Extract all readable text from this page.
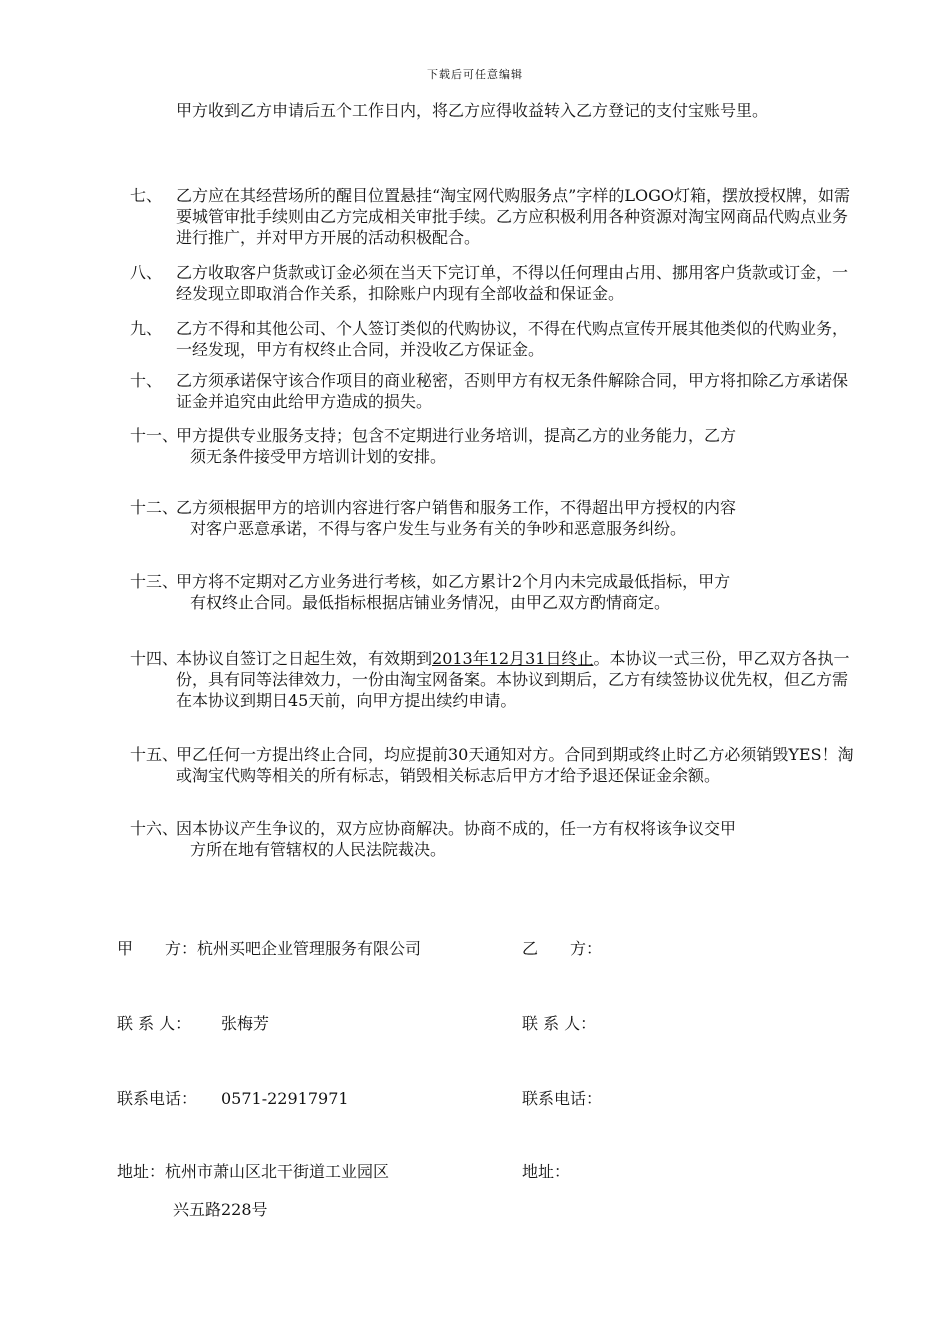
下载后可任意编辑
甲方收到乙方申请后五个工作日内，将乙方应得收益转入乙方登记的支付宝账号里。
七、 乙方应在其经营场所的醒目位置悬挂“淘宝网代购服务点”字样的LOGO灯箱，摆放授权牌，如需要城管审批手续则由乙方完成相关审批手续。乙方应积极利用各种资源对淘宝网商品代购点业务进行推广，并对甲方开展的活动积极配合。
八、 乙方收取客户货款或订金必须在当天下完订单，不得以任何理由占用、挪用客户货款或订金，一经发现立即取消合作关系，扣除账户内现有全部收益和保证金。
九、 乙方不得和其他公司、个人签订类似的代购协议，不得在代购点宣传开展其他类似的代购业务，一经发现，甲方有权终止合同，并没收乙方保证金。
十、 乙方须承诺保守该合作项目的商业秘密，否则甲方有权无条件解除合同，甲方将扣除乙方承诺保证金并追究由此给甲方造成的损失。
十一、

甲方提供专业服务支持；包含不定期进行业务培训，提高乙方的业务能力，乙方

须无条件接受甲方培训计划的安排。
十二、

乙方须根据甲方的培训内容进行客户销售和服务工作，不得超出甲方授权的内容

对客户恶意承诺，不得与客户发生与业务有关的争吵和恶意服务纠纷。
十三、

甲方将不定期对乙方业务进行考核，如乙方累计2个月内未完成最低指标，甲方

有权终止合同。最低指标根据店铺业务情况，由甲乙双方酌情商定。
十四、
本协议自签订之日起生效，有效期到2013年12月31日终止。本协议一式三份，甲乙双方各执一份，具有同等法律效力，一份由淘宝网备案。本协议到期后，乙方有续签协议优先权，但乙方需在本协议到期日45天前，向甲方提出续约申请。
十五、
甲乙任何一方提出终止合同，均应提前30天通知对方。合同到期或终止时乙方必须销毁YES！淘或淘宝代购等相关的所有标志，销毁相关标志后甲方才给予退还保证金余额。
十六、

因本协议产生争议的，双方应协商解决。协商不成的，任一方有权将该争议交甲

方所在地有管辖权的人民法院裁决。
甲　　方：杭州买吧企业管理服务有限公司
联 系 人： 张梅芳
联系电话： 0571-22917971
地址：杭州市萧山区北干街道工业园区
兴五路228号
乙　　方：
联 系 人：
联系电话：
地址：
